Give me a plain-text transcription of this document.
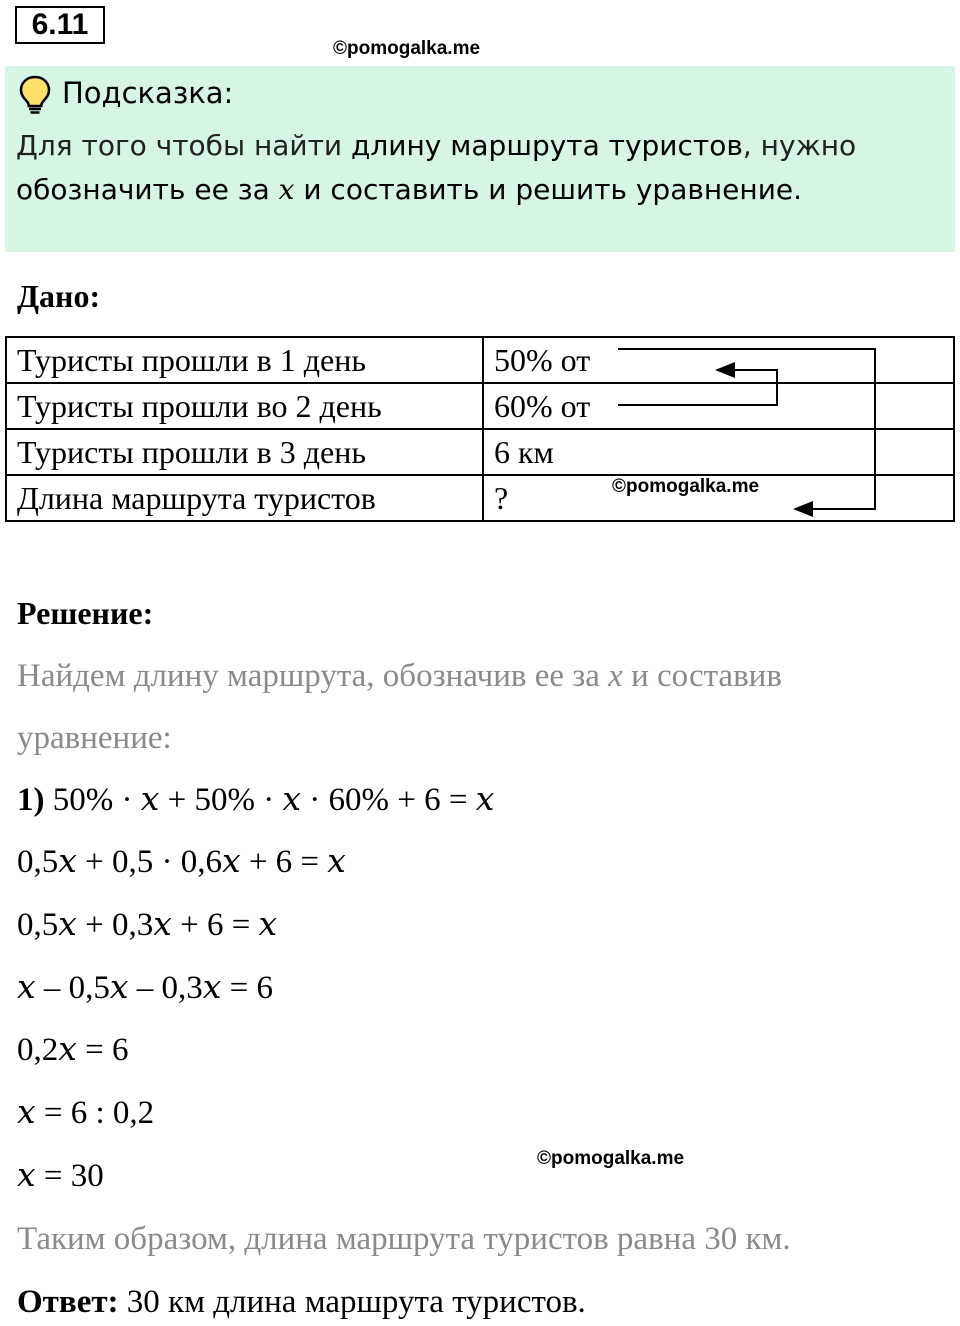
6.11
©pomogalka.me
Подсказка:
Для того чтобы найти длину маршрута туристов, нужно
обозначить ее за x и составить и решить уравнение.
Дано:
Туристы прошли в 1 день	50% от
Туристы прошли во 2 день	60% от
Туристы прошли в 3 день	6 км
Длина маршрута туристов	?	©pomogalka.me
Решение:
Найдем длину маршрута, обозначив ее за x и составив
уравнение:
1) 50% · 𝑥 + 50% · 𝑥 · 60% + 6 = 𝑥
0,5𝑥 + 0,5 · 0,6𝑥 + 6 = 𝑥
0,5𝑥 + 0,3𝑥 + 6 = 𝑥
𝑥 – 0,5𝑥 – 0,3𝑥 = 6
0,2𝑥 = 6
𝑥 = 6 : 0,2
𝑥 = 30	©pomogalka.me
Таким образом, длина маршрута туристов равна 30 км.
Ответ: 30 км длина маршрута туристов.
